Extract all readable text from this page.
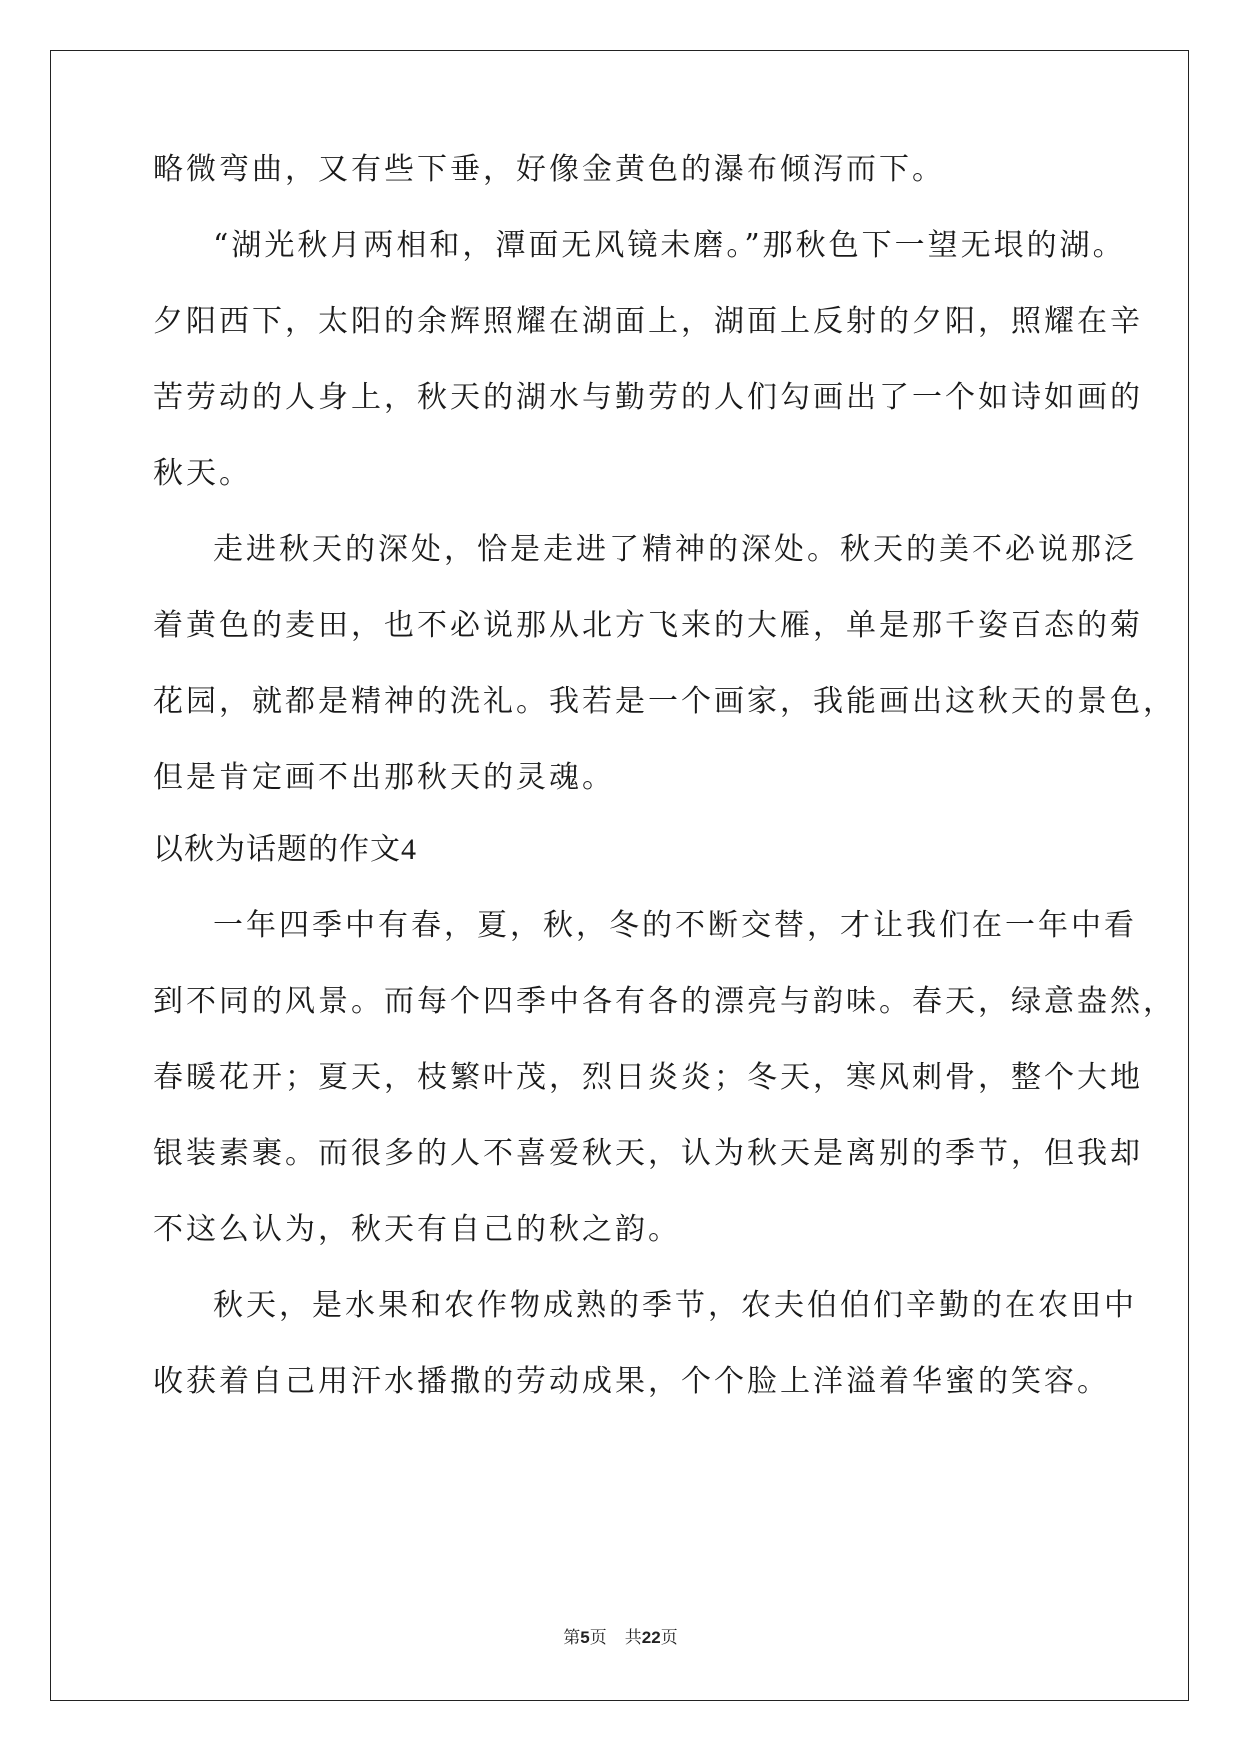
略微弯曲，又有些下垂，好像金黄色的瀑布倾泻而下。
“湖光秋月两相和，潭面无风镜未磨。”那秋色下一望无垠的湖。
夕阳西下，太阳的余辉照耀在湖面上，湖面上反射的夕阳，照耀在辛
苦劳动的人身上，秋天的湖水与勤劳的人们勾画出了一个如诗如画的
秋天。
走进秋天的深处，恰是走进了精神的深处。秋天的美不必说那泛
着黄色的麦田，也不必说那从北方飞来的大雁，单是那千姿百态的菊
花园，就都是精神的洗礼。我若是一个画家，我能画出这秋天的景色，
但是肯定画不出那秋天的灵魂。
以秋为话题的作文4
一年四季中有春，夏，秋，冬的不断交替，才让我们在一年中看
到不同的风景。而每个四季中各有各的漂亮与韵味。春天，绿意盎然，
春暖花开；夏天，枝繁叶茂，烈日炎炎；冬天，寒风刺骨，整个大地
银装素裹。而很多的人不喜爱秋天，认为秋天是离别的季节，但我却
不这么认为，秋天有自己的秋之韵。
秋天，是水果和农作物成熟的季节，农夫伯伯们辛勤的在农田中
收获着自己用汗水播撒的劳动成果，个个脸上洋溢着华蜜的笑容。
第5页 共22页
